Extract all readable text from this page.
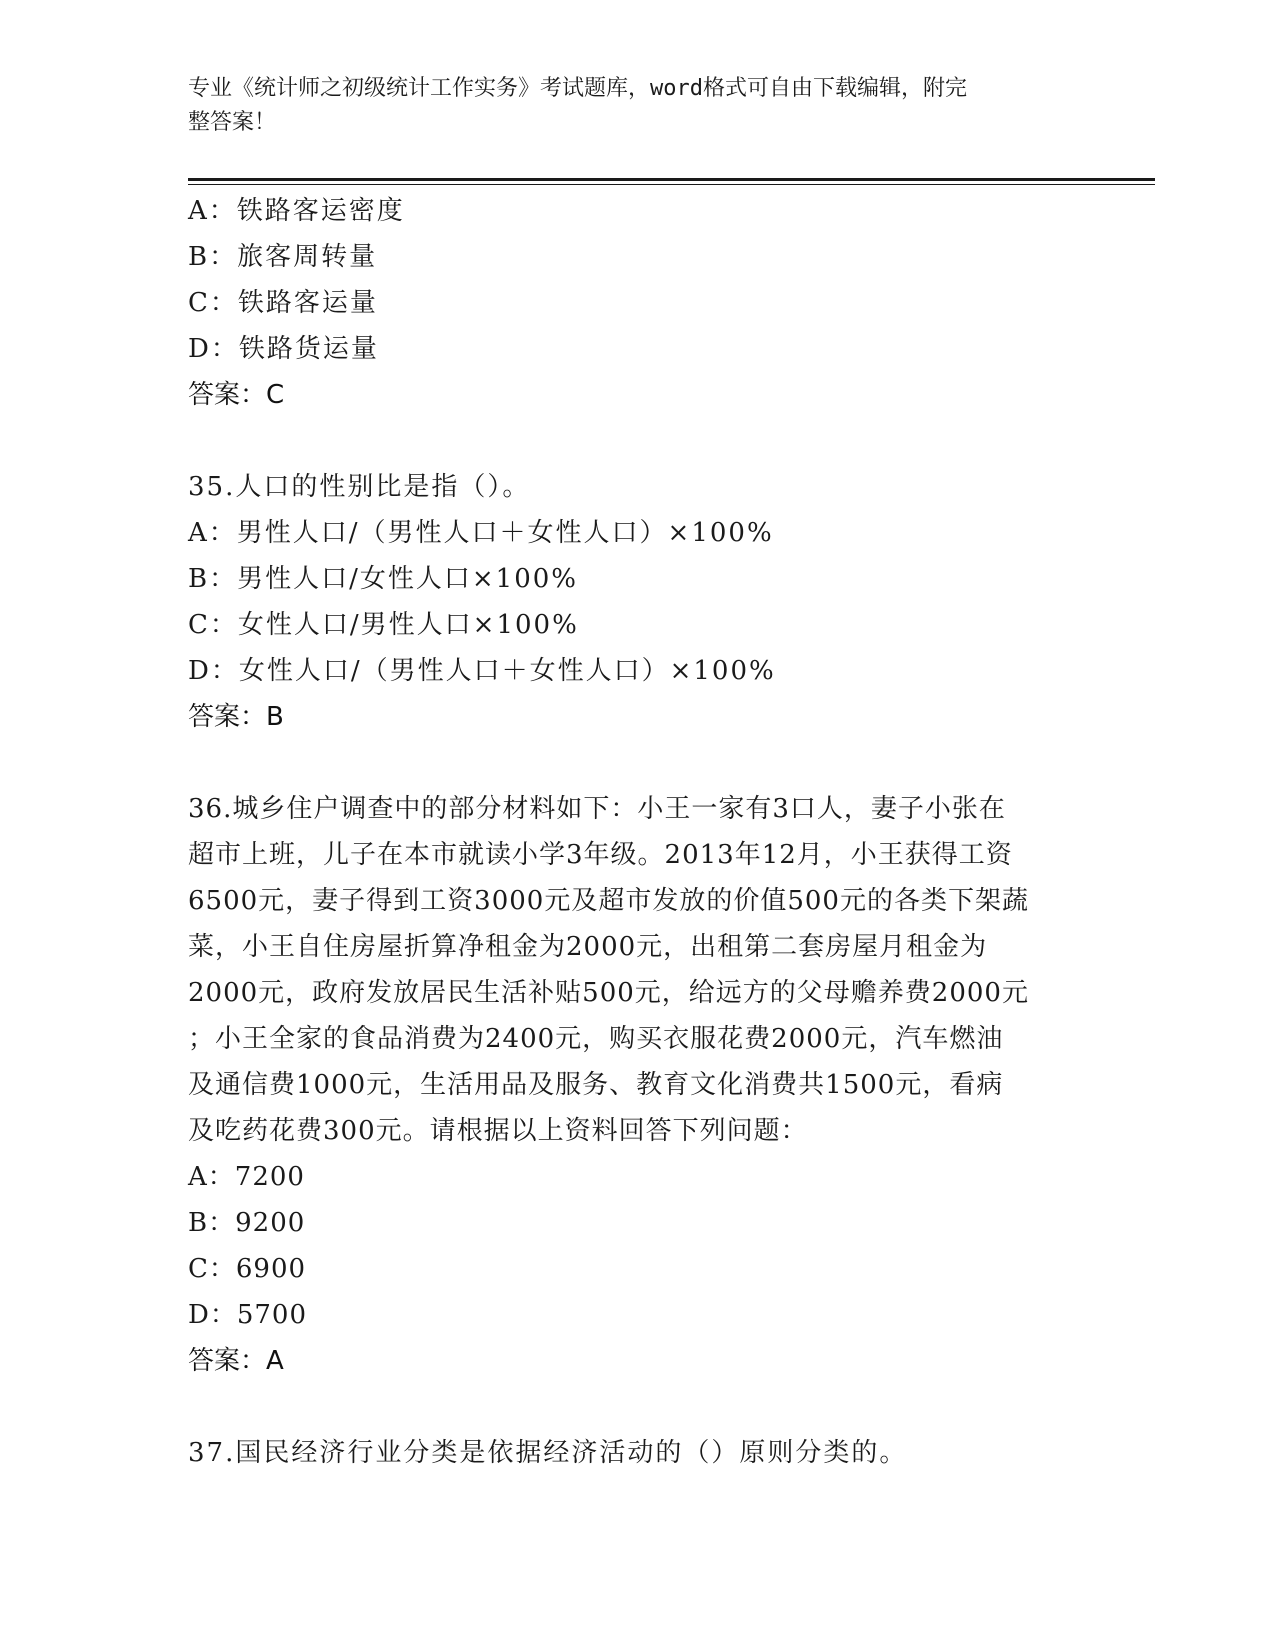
专业《统计师之初级统计工作实务》考试题库，word格式可自由下载编辑，附完
整答案！
A：铁路客运密度
B：旅客周转量
C：铁路客运量
D：铁路货运量
答案：C
35.人口的性别比是指（）。
A：男性人口/（男性人口＋女性人口）×100%
B：男性人口/女性人口×100%
C：女性人口/男性人口×100%
D：女性人口/（男性人口＋女性人口）×100%
答案：B
36.城乡住户调查中的部分材料如下：小王一家有3口人，妻子小张在
超市上班，儿子在本市就读小学3年级。2013年12月，小王获得工资
6500元，妻子得到工资3000元及超市发放的价值500元的各类下架蔬
菜，小王自住房屋折算净租金为2000元，出租第二套房屋月租金为
2000元，政府发放居民生活补贴500元，给远方的父母赡养费2000元
；小王全家的食品消费为2400元，购买衣服花费2000元，汽车燃油
及通信费1000元，生活用品及服务、教育文化消费共1500元，看病
及吃药花费300元。请根据以上资料回答下列问题：
A：7200
B：9200
C：6900
D：5700
答案：A
37.国民经济行业分类是依据经济活动的（）原则分类的。
